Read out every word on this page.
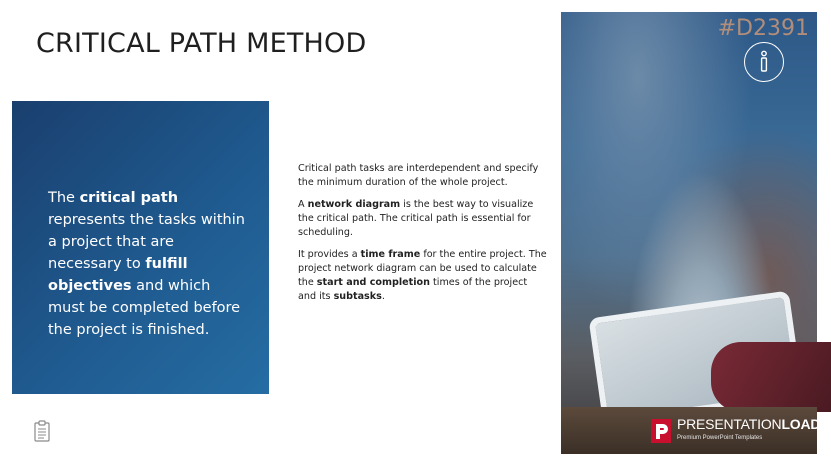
CRITICAL PATH METHOD
The critical path represents the tasks within a project that are necessary to fulfill objectives and which must be completed before the project is finished.

Critical path tasks are interdependent and specify the minimum duration of the whole project.

A network diagram is the best way to visualize the critical path. The critical path is essential for scheduling.

It provides a time frame for the entire project. The project network diagram can be used to calculate the start and completion times of the project and its subtasks.

#D2391
PRESENTATIONLOAD®
Premium PowerPoint Templates
